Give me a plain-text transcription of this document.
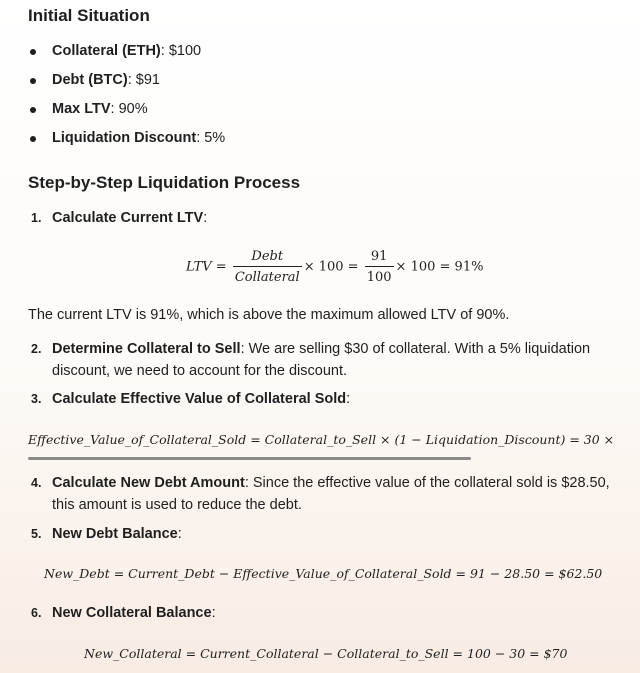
Initial Situation
Collateral (ETH): $100
Debt (BTC): $91
Max LTV: 90%
Liquidation Discount: 5%
Step-by-Step Liquidation Process
1. Calculate Current LTV:
LTV = $\frac{\text{Debt}}{\text{Collateral}} \times 100 = \frac{91}{100} \times 100 = 91\%$
The current LTV is 91%, which is above the maximum allowed LTV of 90%.
2. Determine Collateral to Sell: We are selling $30 of collateral. With a 5% liquidation discount, we need to account for the discount.
3. Calculate Effective Value of Collateral Sold:
Effective_Value_of_Collateral_Sold = Collateral_to_Sell × (1 − Liquidation_Discount) = 30 ×
4. Calculate New Debt Amount: Since the effective value of the collateral sold is $28.50, this amount is used to reduce the debt.
5. New Debt Balance:
New_Debt = Current_Debt − Effective_Value_of_Collateral_Sold = 91 − 28.50 = $62.50
6. New Collateral Balance:
New_Collateral = Current_Collateral − Collateral_to_Sell = 100 − 30 = $70
